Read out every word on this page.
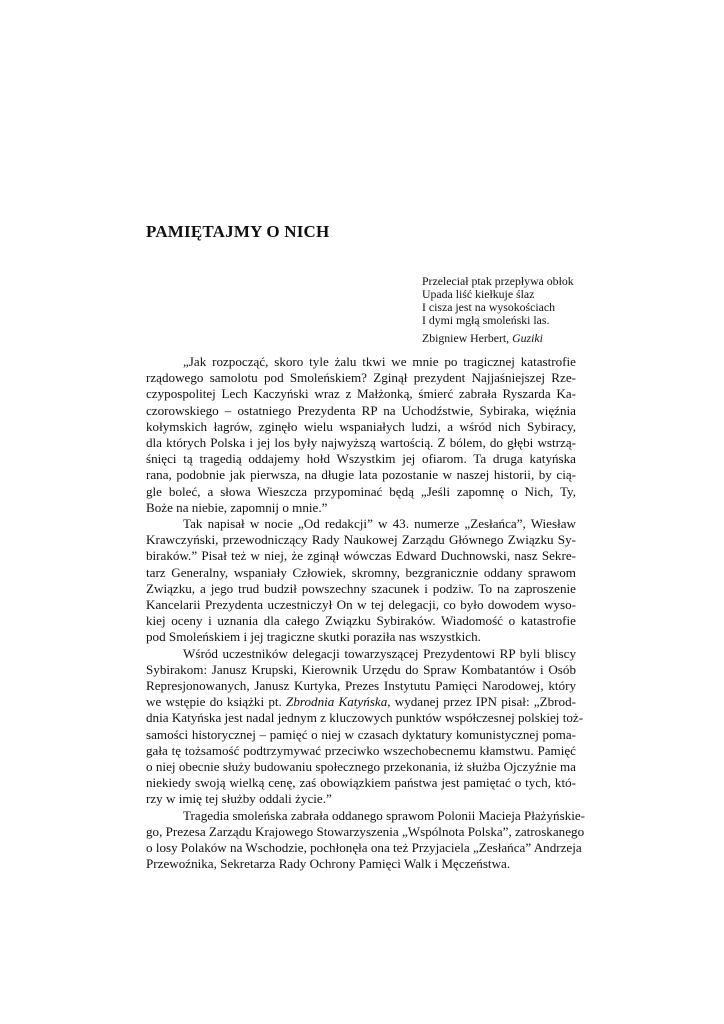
PAMIĘTAJMY O NICH
Przeleciał ptak przepływa obłok
Upada liść kiełkuje ślaz
I cisza jest na wysokościach
I dymi mgłą smoleński las.
Zbigniew Herbert, Guziki
„Jak rozpocząć, skoro tyle żalu tkwi we mnie po tragicznej katastrofie
rządowego samolotu pod Smoleńskiem? Zginął prezydent Najjaśniejszej Rze-
czypospolitej Lech Kaczyński wraz z Małżonką, śmierć zabrała Ryszarda Ka-
czorowskiego – ostatniego Prezydenta RP na Uchodźstwie, Sybiraka, więźnia
kołymskich łagrów, zginęło wielu wspaniałych ludzi, a wśród nich Sybiracy,
dla których Polska i jej los były najwyższą wartością. Z bólem, do głębi wstrzą-
śnięci tą tragedią oddajemy hołd Wszystkim jej ofiarom. Ta druga katyńska
rana, podobnie jak pierwsza, na długie lata pozostanie w naszej historii, by cią-
gle boleć, a słowa Wieszcza przypominać będą „Jeśli zapomnę o Nich, Ty,
Boże na niebie, zapomnij o mnie.”
Tak napisał w nocie „Od redakcji” w 43. numerze „Zesłańca”, Wiesław
Krawczyński, przewodniczący Rady Naukowej Zarządu Głównego Związku Sy-
biraków.” Pisał też w niej, że zginął wówczas Edward Duchnowski, nasz Sekre-
tarz Generalny, wspaniały Człowiek, skromny, bezgranicznie oddany sprawom
Związku, a jego trud budził powszechny szacunek i podziw. To na zaproszenie
Kancelarii Prezydenta uczestniczył On w tej delegacji, co było dowodem wyso-
kiej oceny i uznania dla całego Związku Sybiraków. Wiadomość o katastrofie
pod Smoleńskiem i jej tragiczne skutki poraziła nas wszystkich.
Wśród uczestników delegacji towarzyszącej Prezydentowi RP byli bliscy
Sybirakom: Janusz Krupski, Kierownik Urzędu do Spraw Kombatantów i Osób
Represjonowanych, Janusz Kurtyka, Prezes Instytutu Pamięci Narodowej, który
we wstępie do książki pt. Zbrodnia Katyńska, wydanej przez IPN pisał: „Zbrod-
dnia Katyńska jest nadal jednym z kluczowych punktów współczesnej polskiej toż-
samości historycznej – pamięć o niej w czasach dyktatury komunistycznej poma-
gała tę tożsamość podtrzymywać przeciwko wszechobecnemu kłamstwu. Pamięć
o niej obecnie służy budowaniu społecznego przekonania, iż służba Ojczyźnie ma
niekiedy swoją wielką cenę, zaś obowiązkiem państwa jest pamiętać o tych, któ-
rzy w imię tej służby oddali życie.”
Tragedia smoleńska zabrała oddanego sprawom Polonii Macieja Płażyńskie-
go, Prezesa Zarządu Krajowego Stowarzyszenia „Wspólnota Polska”, zatroskanego
o losy Polaków na Wschodzie, pochłonęła ona też Przyjaciela „Zesłańca” Andrzeja
Przewoźnika, Sekretarza Rady Ochrony Pamięci Walk i Męczeństwa.
